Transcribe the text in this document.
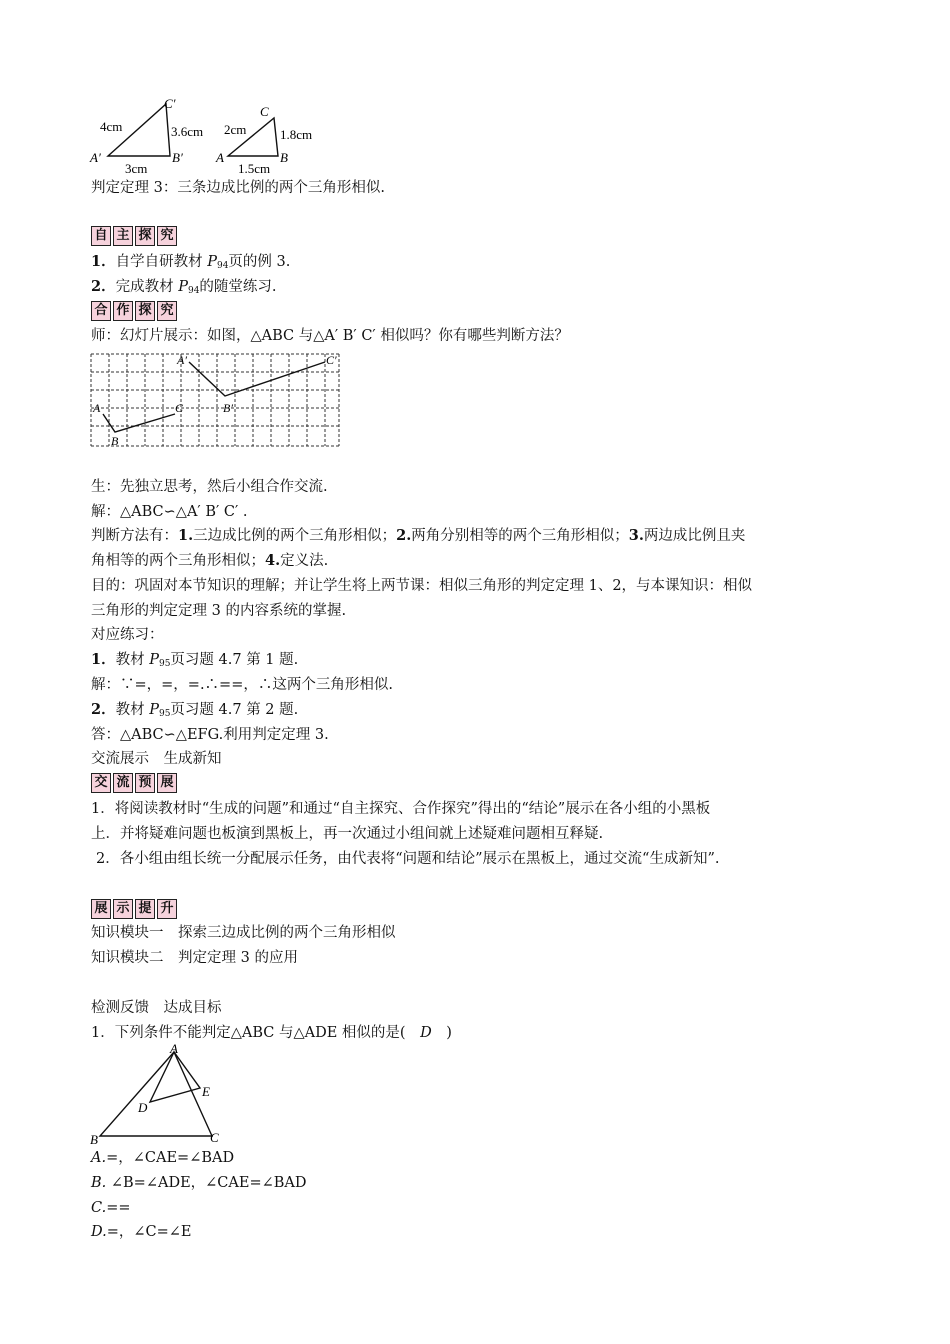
C′
A′	B′
4cm	3.6cm
3cm
C
A	B
2cm	1.8cm
1.5cm
判定定理 3：三条边成比例的两个三角形相似.
自 主 探 究
1．自学自研教材 $P_{94}$页的例 3.
2．完成教材 $P_{94}$的随堂练习.
合 作 探 究
师：幻灯片展示：如图，△ABC 与△A′ B′ C′ 相似吗？你有哪些判断方法？
A′
B′
C′
A
B
C
生：先独立思考，然后小组合作交流.
解：△ABC∽△A′ B′ C′ .
判断方法有：1.三边成比例的两个三角形相似；2.两角分别相等的两个三角形相似；3.两边成比例且夹
角相等的两个三角形相似；4.定义法.
目的：巩固对本节知识的理解；并让学生将上两节课：相似三角形的判定定理 1、2，与本课知识：相似
三角形的判定定理 3 的内容系统的掌握.
对应练习：
1．教材 $P_{95}$页习题 4.7 第 1 题.
解：∵=，=，=.∴==，∴这两个三角形相似.
2．教材 $P_{95}$页习题 4.7 第 2 题.
答：△ABC∽△EFG.利用判定定理 3.
交流展示　生成新知
交 流 预 展
1．将阅读教材时“生成的问题”和通过“自主探究、合作探究”得出的“结论”展示在各小组的小黑板
上．并将疑难问题也板演到黑板上，再一次通过小组间就上述疑难问题相互释疑.
2．各小组由组长统一分配展示任务，由代表将“问题和结论”展示在黑板上，通过交流“生成新知”.
展 示 提 升
知识模块一　探索三边成比例的两个三角形相似
知识模块二　判定定理 3 的应用
检测反馈　达成目标
1．下列条件不能判定△ABC 与△ADE 相似的是(　D　)
A
B	C
D
E
A.=，∠CAE=∠BAD
B. ∠B=∠ADE，∠CAE=∠BAD
C.==
D.=，∠C=∠E
